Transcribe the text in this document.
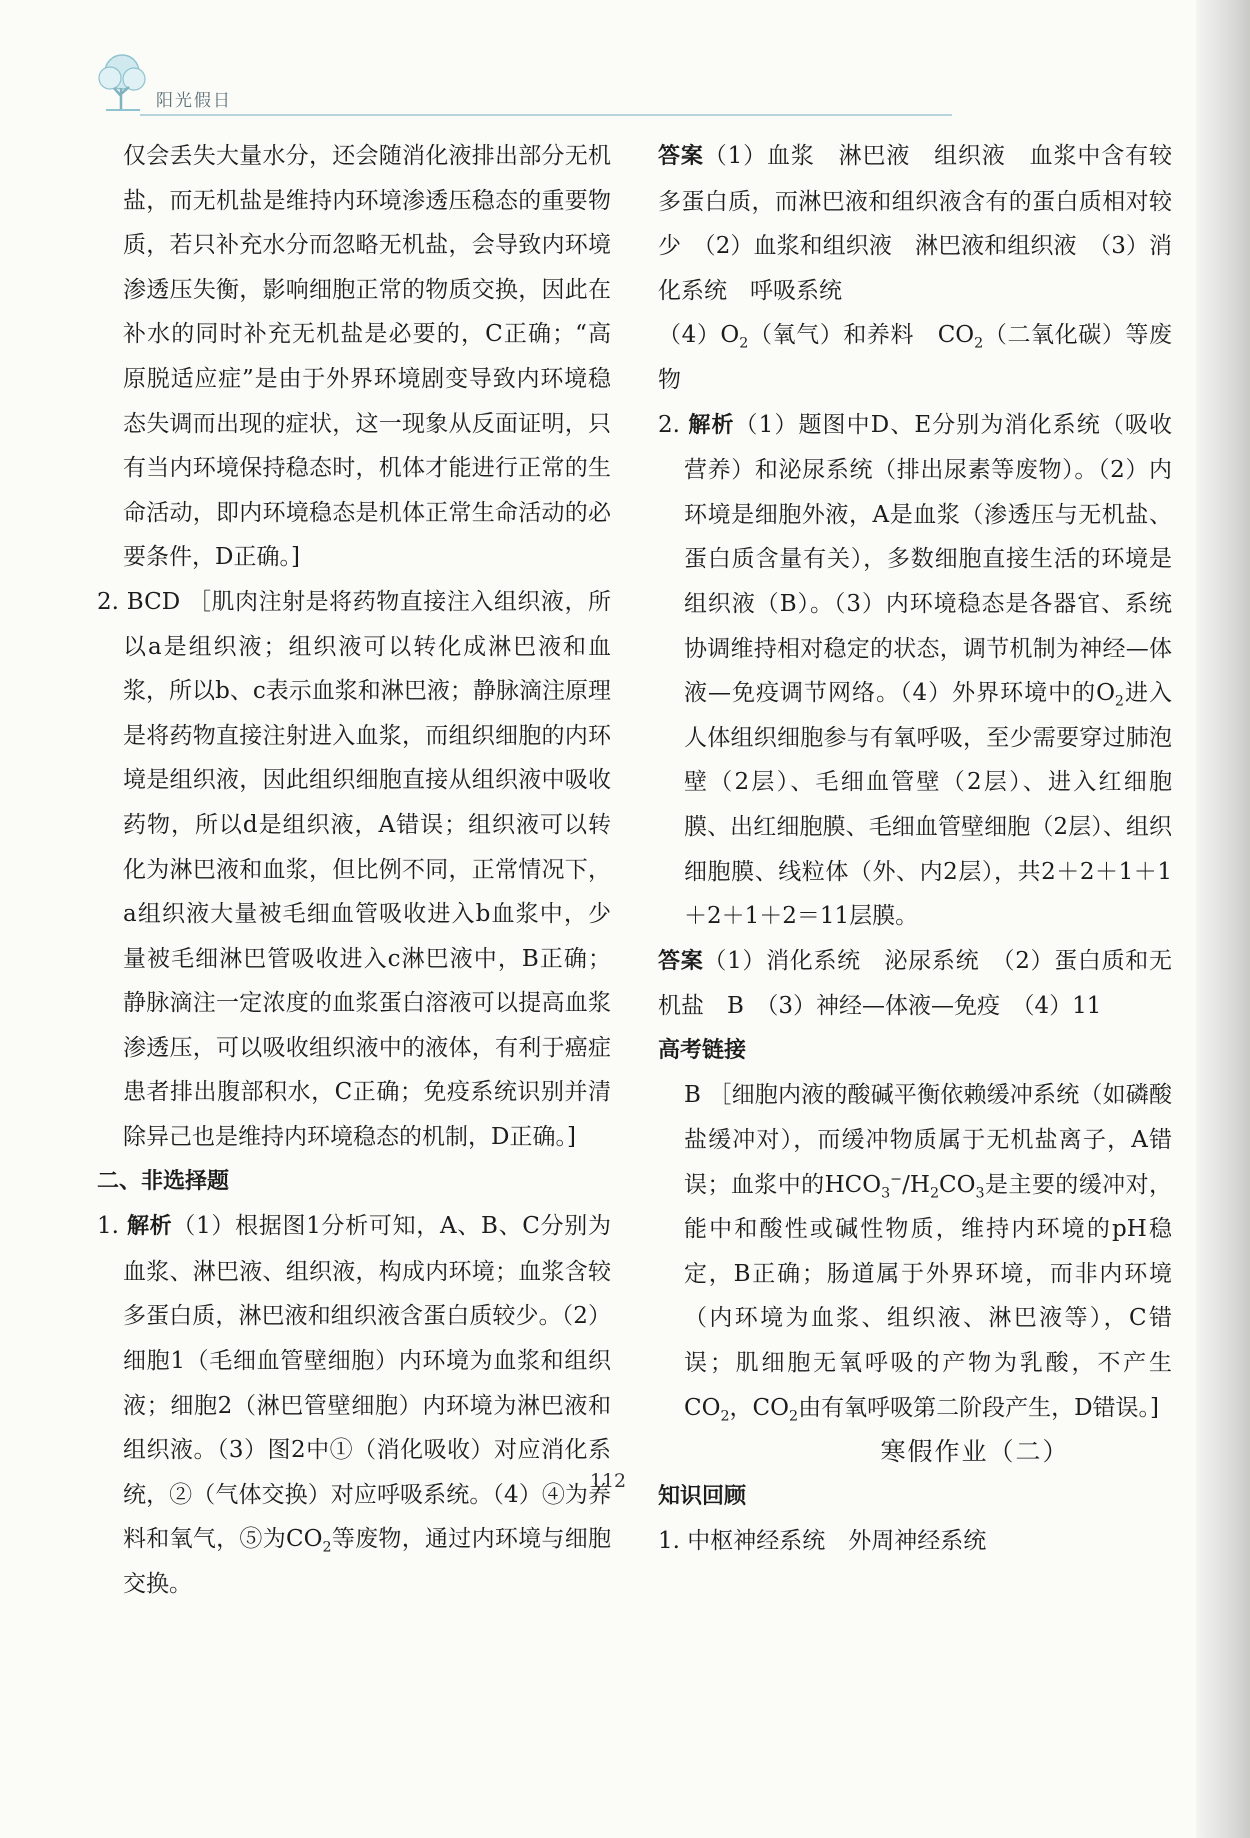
阳光假日

仅会丢失大量水分，还会随消化液排出部分无机盐，而无机盐是维持内环境渗透压稳态的重要物质，若只补充水分而忽略无机盐，会导致内环境渗透压失衡，影响细胞正常的物质交换，因此在补水的同时补充无机盐是必要的，C正确；“高原脱适应症”是由于外界环境剧变导致内环境稳态失调而出现的症状，这一现象从反面证明，只有当内环境保持稳态时，机体才能进行正常的生命活动，即内环境稳态是机体正常生命活动的必要条件，D正确。]

2. BCD ［肌肉注射是将药物直接注入组织液，所以a是组织液；组织液可以转化成淋巴液和血浆，所以b、c表示血浆和淋巴液；静脉滴注原理是将药物直接注射进入血浆，而组织细胞的内环境是组织液，因此组织细胞直接从组织液中吸收药物，所以d是组织液，A错误；组织液可以转化为淋巴液和血浆，但比例不同，正常情况下，a组织液大量被毛细血管吸收进入b血浆中，少量被毛细淋巴管吸收进入c淋巴液中，B正确；静脉滴注一定浓度的血浆蛋白溶液可以提高血浆渗透压，可以吸收组织液中的液体，有利于癌症患者排出腹部积水，C正确；免疫系统识别并清除异己也是维持内环境稳态的机制，D正确。]

二、非选择题

1. 解析（1）根据图1分析可知，A、B、C分别为血浆、淋巴液、组织液，构成内环境；血浆含较多蛋白质，淋巴液和组织液含蛋白质较少。（2）细胞1（毛细血管壁细胞）内环境为血浆和组织液；细胞2（淋巴管壁细胞）内环境为淋巴液和组织液。（3）图2中①（消化吸收）对应消化系统，②（气体交换）对应呼吸系统。（4）④为养料和氧气，⑤为$CO_2$等废物，通过内环境与细胞交换。

答案（1）血浆　淋巴液　组织液　血浆中含有较多蛋白质，而淋巴液和组织液含有的蛋白质相对较少　（2）血浆和组织液　淋巴液和组织液　（3）消化系统　呼吸系统
$(4)O_2$（氧气）和养料　$CO_2$（二氧化碳）等废物

2. 解析（1）题图中D、E分别为消化系统（吸收营养）和泌尿系统（排出尿素等废物）。（2）内环境是细胞外液，A是血浆（渗透压与无机盐、蛋白质含量有关），多数细胞直接生活的环境是组织液（B）。（3）内环境稳态是各器官、系统协调维持相对稳定的状态，调节机制为神经—体液—免疫调节网络。（4）外界环境中的$O_2$进入人体组织细胞参与有氧呼吸，至少需要穿过肺泡壁（2层）、毛细血管壁（2层）、进入红细胞膜、出红细胞膜、毛细血管壁细胞（2层）、组织细胞膜、线粒体（外、内2层），共2＋2＋1＋1＋2＋1＋2＝11层膜。

答案（1）消化系统　泌尿系统　（2）蛋白质和无机盐　B　（3）神经—体液—免疫　（4）11

高考链接

B ［细胞内液的酸碱平衡依赖缓冲系统（如磷酸盐缓冲对），而缓冲物质属于无机盐离子，A错误；血浆中的$HCO_3^-/H_2CO_3$是主要的缓冲对，能中和酸性或碱性物质，维持内环境的pH稳定，B正确；肠道属于外界环境，而非内环境（内环境为血浆、组织液、淋巴液等），C错误；肌细胞无氧呼吸的产物为乳酸，不产生$CO_2$，$CO_2$由有氧呼吸第二阶段产生，D错误。]

寒假作业（二）

知识回顾

1. 中枢神经系统　外周神经系统

112
